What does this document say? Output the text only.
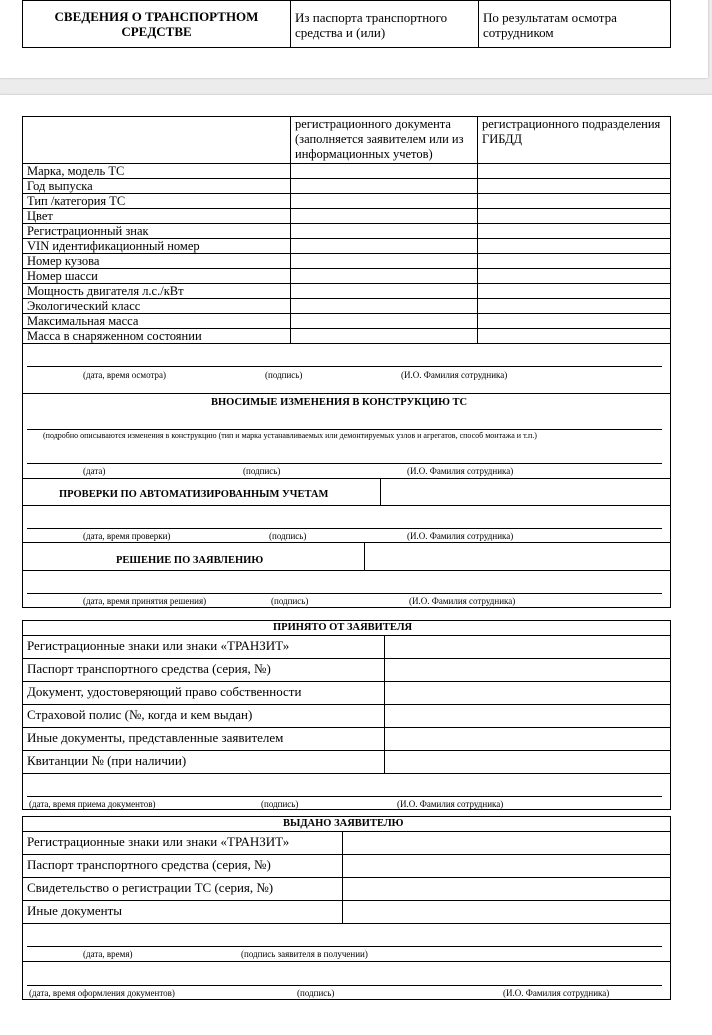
СВЕДЕНИЯ О ТРАНСПОРТНОМ СРЕДСТВЕ	Из паспорта транспортного средства и (или)	По результатам осмотра сотрудником
	регистрационного документа (заполняется заявителем или из информационных учетов)	регистрационного подразделения ГИБДД
Марка, модель ТС		
Год выпуска		
Тип /категория ТС		
Цвет		
Регистрационный знак		
VIN идентификационный номер		
Номер кузова		
Номер шасси		
Мощность двигателя л.с./кВт		
Экологический класс		
Максимальная масса		
Масса в снаряженном состоянии		

(дата, время осмотра) (подпись) (И.О. Фамилия сотрудника)		

ВНОСИМЫЕ ИЗМЕНЕНИЯ В КОНСТРУКЦИЮ ТС
(подробно описываются изменения в конструкцию (тип и марка устанавливаемых или демонтируемых узлов и агрегатов, способ монтажа и т.п.)
(дата) (подпись) (И.О. Фамилия сотрудника)		

ПРОВЕРКИ ПО АВТОМАТИЗИРОВАННЫМ УЧЕТАМ
(дата, время проверки) (подпись) (И.О. Фамилия сотрудника)		

РЕШЕНИЕ ПО ЗАЯВЛЕНИЮ
(дата, время принятия решения) (подпись) (И.О. Фамилия сотрудника)		
ПРИНЯТО ОТ ЗАЯВИТЕЛЯ	

Регистрационные знаки или знаки «ТРАНЗИТ»	
Паспорт транспортного средства (серия, №)	
Документ, удостоверяющий право собственности	
Страховой полис (№, когда и кем выдан)	
Иные документы, представленные заявителем	
Квитанции № (при наличии)	

(дата, время приема документов) (подпись) (И.О. Фамилия сотрудника)	
ВЫДАНО ЗАЯВИТЕЛЮ	

Регистрационные знаки или знаки «ТРАНЗИТ»	
Паспорт транспортного средства (серия, №)	
Свидетельство о регистрации ТС (серия, №)	
Иные документы	

(дата, время) (подпись заявителя в получении)	

(дата, время оформления документов) (подпись) (И.О. Фамилия сотрудника)	
